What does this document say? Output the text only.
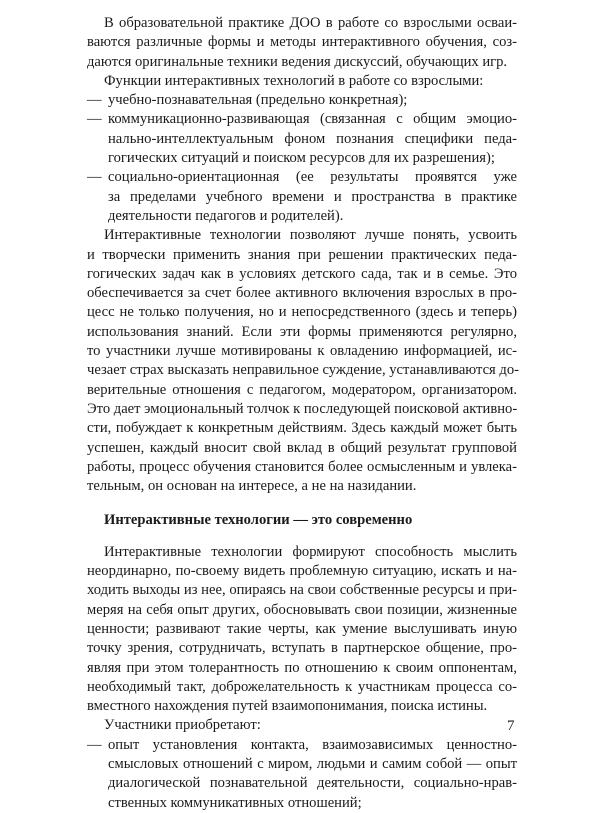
В образовательной практике ДОО в работе со взрослыми осваи-
ваются различные формы и методы интерактивного обучения, соз-
даются оригинальные техники ведения дискуссий, обучающих игр.
Функции интерактивных технологий в работе со взрослыми:
— учебно-познавательная (предельно конкретная);
— коммуникационно-развивающая (связанная с общим эмоцио-
нально-интеллектуальным фоном познания специфики педа-
гогических ситуаций и поиском ресурсов для их разрешения);
— социально-ориентационная (ее результаты проявятся уже
за пределами учебного времени и пространства в практике
деятельности педагогов и родителей).
Интерактивные технологии позволяют лучше понять, усвоить
и творчески применить знания при решении практических педа-
гогических задач как в условиях детского сада, так и в семье. Это
обеспечивается за счет более активного включения взрослых в про-
цесс не только получения, но и непосредственного (здесь и теперь)
использования знаний. Если эти формы применяются регулярно,
то участники лучше мотивированы к овладению информацией, ис-
чезает страх высказать неправильное суждение, устанавливаются до-
верительные отношения с педагогом, модератором, организатором.
Это дает эмоциональный толчок к последующей поисковой активно-
сти, побуждает к конкретным действиям. Здесь каждый может быть
успешен, каждый вносит свой вклад в общий результат групповой
работы, процесс обучения становится более осмысленным и увлека-
тельным, он основан на интересе, а не на назидании.
Интерактивные технологии — это современно
Интерактивные технологии формируют способность мыслить
неординарно, по-своему видеть проблемную ситуацию, искать и на-
ходить выходы из нее, опираясь на свои собственные ресурсы и при-
меряя на себя опыт других, обосновывать свои позиции, жизненные
ценности; развивают такие черты, как умение выслушивать иную
точку зрения, сотрудничать, вступать в партнерское общение, про-
являя при этом толерантность по отношению к своим оппонентам,
необходимый такт, доброжелательность к участникам процесса со-
вместного нахождения путей взаимопонимания, поиска истины.
Участники приобретают:
— опыт установления контакта, взаимозависимых ценностно-
смысловых отношений с миром, людьми и самим собой — опыт
диалогической познавательной деятельности, социально-нрав-
ственных коммуникативных отношений;
7
